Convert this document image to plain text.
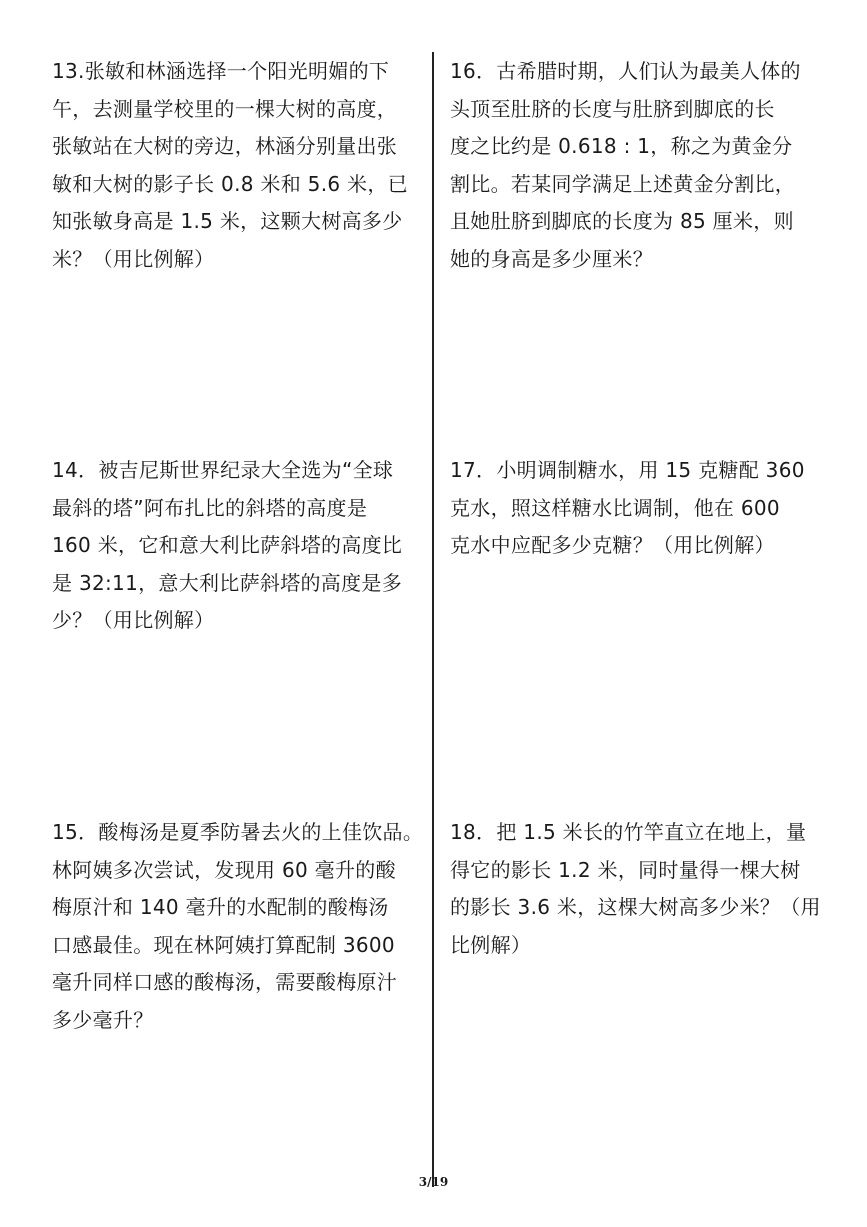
13.张敏和林涵选择一个阳光明媚的下
午，去测量学校里的一棵大树的高度，
张敏站在大树的旁边，林涵分别量出张
敏和大树的影子长 0.8 米和 5.6 米，已
知张敏身高是 1.5 米，这颗大树高多少
米？（用比例解）
16．古希腊时期，人们认为最美人体的
头顶至肚脐的长度与肚脐到脚底的长
度之比约是 0.618 : 1，称之为黄金分
割比。若某同学满足上述黄金分割比，
且她肚脐到脚底的长度为 85 厘米，则
她的身高是多少厘米？
14．被吉尼斯世界纪录大全选为“全球
最斜的塔”阿布扎比的斜塔的高度是
160 米，它和意大利比萨斜塔的高度比
是 32:11，意大利比萨斜塔的高度是多
少？（用比例解）
17．小明调制糖水，用 15 克糖配 360
克水，照这样糖水比调制，他在 600
克水中应配多少克糖？（用比例解）
15．酸梅汤是夏季防暑去火的上佳饮品。
林阿姨多次尝试，发现用 60 毫升的酸
梅原汁和 140 毫升的水配制的酸梅汤
口感最佳。现在林阿姨打算配制 3600
毫升同样口感的酸梅汤，需要酸梅原汁
多少毫升？
18．把 1.5 米长的竹竿直立在地上，量
得它的影长 1.2 米，同时量得一棵大树
的影长 3.6 米，这棵大树高多少米？（用
比例解）
3/19
